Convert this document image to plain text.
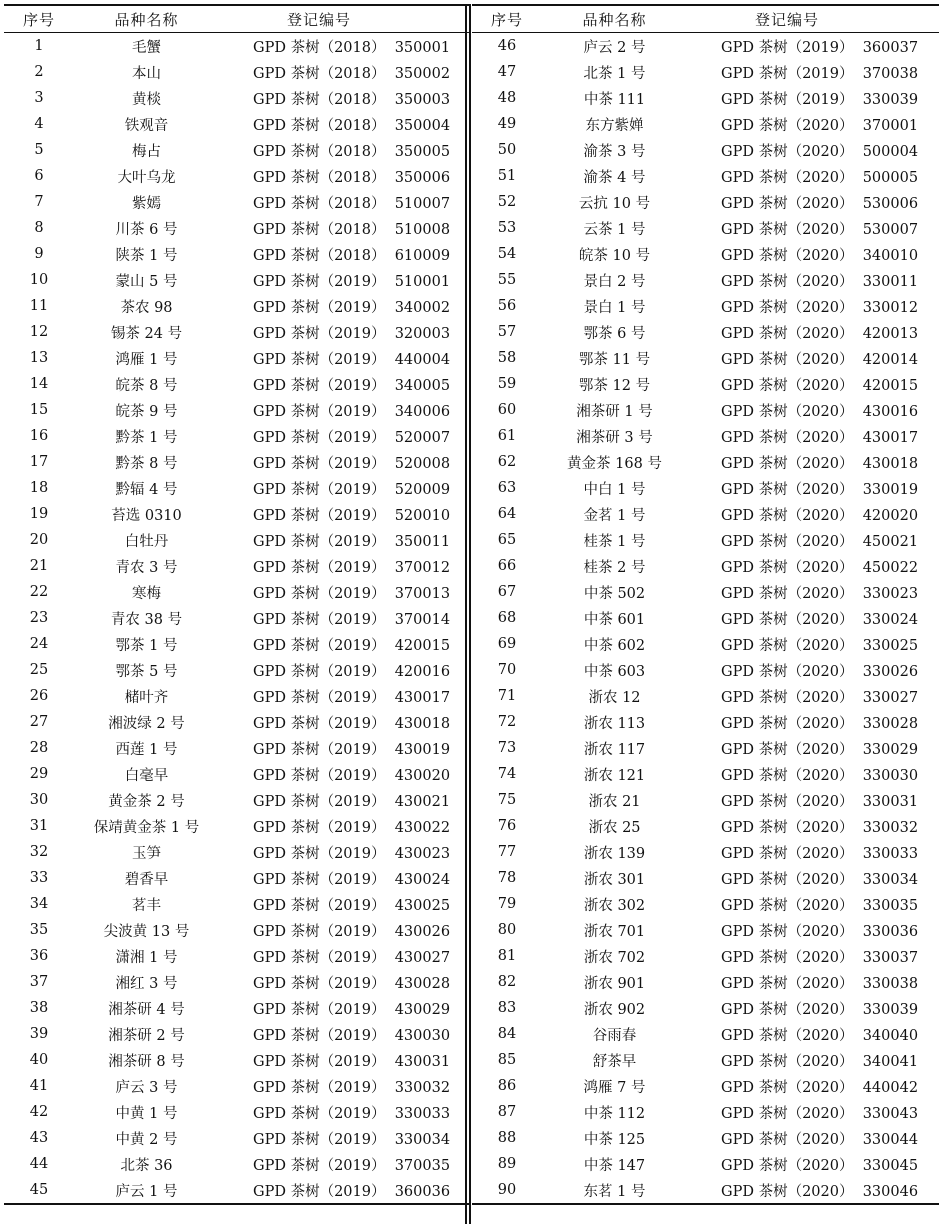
序号	品种名称	登记编号
1	毛蟹	GPD 茶树（2018）  350001
2	本山	GPD 茶树（2018）  350002
3	黄棪	GPD 茶树（2018）  350003
4	铁观音	GPD 茶树（2018）  350004
5	梅占	GPD 茶树（2018）  350005
6	大叶乌龙	GPD 茶树（2018）  350006
7	紫嫣	GPD 茶树（2018）  510007
8	川茶 6 号	GPD 茶树（2018）  510008
9	陕茶 1 号	GPD 茶树（2018）  610009
10	蒙山 5 号	GPD 茶树（2019）  510001
11	茶农 98	GPD 茶树（2019）  340002
12	锡茶 24 号	GPD 茶树（2019）  320003
13	鸿雁 1 号	GPD 茶树（2019）  440004
14	皖茶 8 号	GPD 茶树（2019）  340005
15	皖茶 9 号	GPD 茶树（2019）  340006
16	黔茶 1 号	GPD 茶树（2019）  520007
17	黔茶 8 号	GPD 茶树（2019）  520008
18	黔辐 4 号	GPD 茶树（2019）  520009
19	苔选 0310	GPD 茶树（2019）  520010
20	白牡丹	GPD 茶树（2019）  350011
21	青农 3 号	GPD 茶树（2019）  370012
22	寒梅	GPD 茶树（2019）  370013
23	青农 38 号	GPD 茶树（2019）  370014
24	鄂茶 1 号	GPD 茶树（2019）  420015
25	鄂茶 5 号	GPD 茶树（2019）  420016
26	槠叶齐	GPD 茶树（2019）  430017
27	湘波绿 2 号	GPD 茶树（2019）  430018
28	西莲 1 号	GPD 茶树（2019）  430019
29	白毫早	GPD 茶树（2019）  430020
30	黄金茶 2 号	GPD 茶树（2019）  430021
31	保靖黄金茶 1 号	GPD 茶树（2019）  430022
32	玉笋	GPD 茶树（2019）  430023
33	碧香早	GPD 茶树（2019）  430024
34	茗丰	GPD 茶树（2019）  430025
35	尖波黄 13 号	GPD 茶树（2019）  430026
36	潇湘 1 号	GPD 茶树（2019）  430027
37	湘红 3 号	GPD 茶树（2019）  430028
38	湘茶研 4 号	GPD 茶树（2019）  430029
39	湘茶研 2 号	GPD 茶树（2019）  430030
40	湘茶研 8 号	GPD 茶树（2019）  430031
41	庐云 3 号	GPD 茶树（2019）  330032
42	中黄 1 号	GPD 茶树（2019）  330033
43	中黄 2 号	GPD 茶树（2019）  330034
44	北茶 36	GPD 茶树（2019）  370035
45	庐云 1 号	GPD 茶树（2019）  360036
序号	品种名称	登记编号
46	庐云 2 号	GPD 茶树（2019）  360037
47	北茶 1 号	GPD 茶树（2019）  370038
48	中茶 111	GPD 茶树（2019）  330039
49	东方紫婵	GPD 茶树（2020）  370001
50	渝茶 3 号	GPD 茶树（2020）  500004
51	渝茶 4 号	GPD 茶树（2020）  500005
52	云抗 10 号	GPD 茶树（2020）  530006
53	云茶 1 号	GPD 茶树（2020）  530007
54	皖茶 10 号	GPD 茶树（2020）  340010
55	景白 2 号	GPD 茶树（2020）  330011
56	景白 1 号	GPD 茶树（2020）  330012
57	鄂茶 6 号	GPD 茶树（2020）  420013
58	鄂茶 11 号	GPD 茶树（2020）  420014
59	鄂茶 12 号	GPD 茶树（2020）  420015
60	湘茶研 1 号	GPD 茶树（2020）  430016
61	湘茶研 3 号	GPD 茶树（2020）  430017
62	黄金茶 168 号	GPD 茶树（2020）  430018
63	中白 1 号	GPD 茶树（2020）  330019
64	金茗 1 号	GPD 茶树（2020）  420020
65	桂茶 1 号	GPD 茶树（2020）  450021
66	桂茶 2 号	GPD 茶树（2020）  450022
67	中茶 502	GPD 茶树（2020）  330023
68	中茶 601	GPD 茶树（2020）  330024
69	中茶 602	GPD 茶树（2020）  330025
70	中茶 603	GPD 茶树（2020）  330026
71	浙农 12	GPD 茶树（2020）  330027
72	浙农 113	GPD 茶树（2020）  330028
73	浙农 117	GPD 茶树（2020）  330029
74	浙农 121	GPD 茶树（2020）  330030
75	浙农 21	GPD 茶树（2020）  330031
76	浙农 25	GPD 茶树（2020）  330032
77	浙农 139	GPD 茶树（2020）  330033
78	浙农 301	GPD 茶树（2020）  330034
79	浙农 302	GPD 茶树（2020）  330035
80	浙农 701	GPD 茶树（2020）  330036
81	浙农 702	GPD 茶树（2020）  330037
82	浙农 901	GPD 茶树（2020）  330038
83	浙农 902	GPD 茶树（2020）  330039
84	谷雨春	GPD 茶树（2020）  340040
85	舒茶早	GPD 茶树（2020）  340041
86	鸿雁 7 号	GPD 茶树（2020）  440042
87	中茶 112	GPD 茶树（2020）  330043
88	中茶 125	GPD 茶树（2020）  330044
89	中茶 147	GPD 茶树（2020）  330045
90	东茗 1 号	GPD 茶树（2020）  330046
